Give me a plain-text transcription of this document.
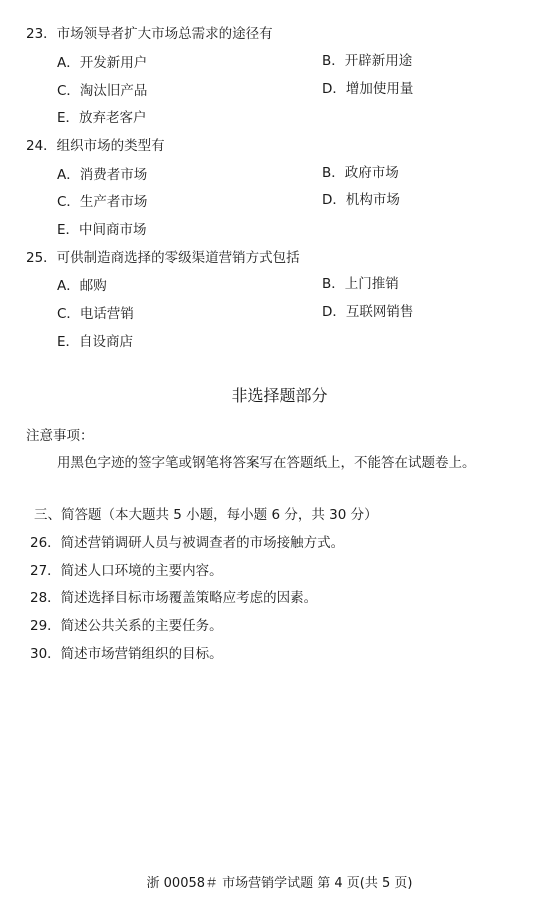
23．市场领导者扩大市场总需求的途径有
A．开发新用户	B．开辟新用途
C．淘汰旧产品	D．增加使用量
E．放弃老客户
24．组织市场的类型有
A．消费者市场	B．政府市场
C．生产者市场	D．机构市场
E．中间商市场
25．可供制造商选择的零级渠道营销方式包括
A．邮购	B．上门推销
C．电话营销	D．互联网销售
E．自设商店
非选择题部分
注意事项：
用黑色字迹的签字笔或钢笔将答案写在答题纸上，不能答在试题卷上。
三、简答题（本大题共 5 小题，每小题 6 分，共 30 分）
26．简述营销调研人员与被调查者的市场接触方式。
27．简述人口环境的主要内容。
28．简述选择目标市场覆盖策略应考虑的因素。
29．简述公共关系的主要任务。
30．简述市场营销组织的目标。
浙 00058＃ 市场营销学试题 第 4 页(共 5 页)
